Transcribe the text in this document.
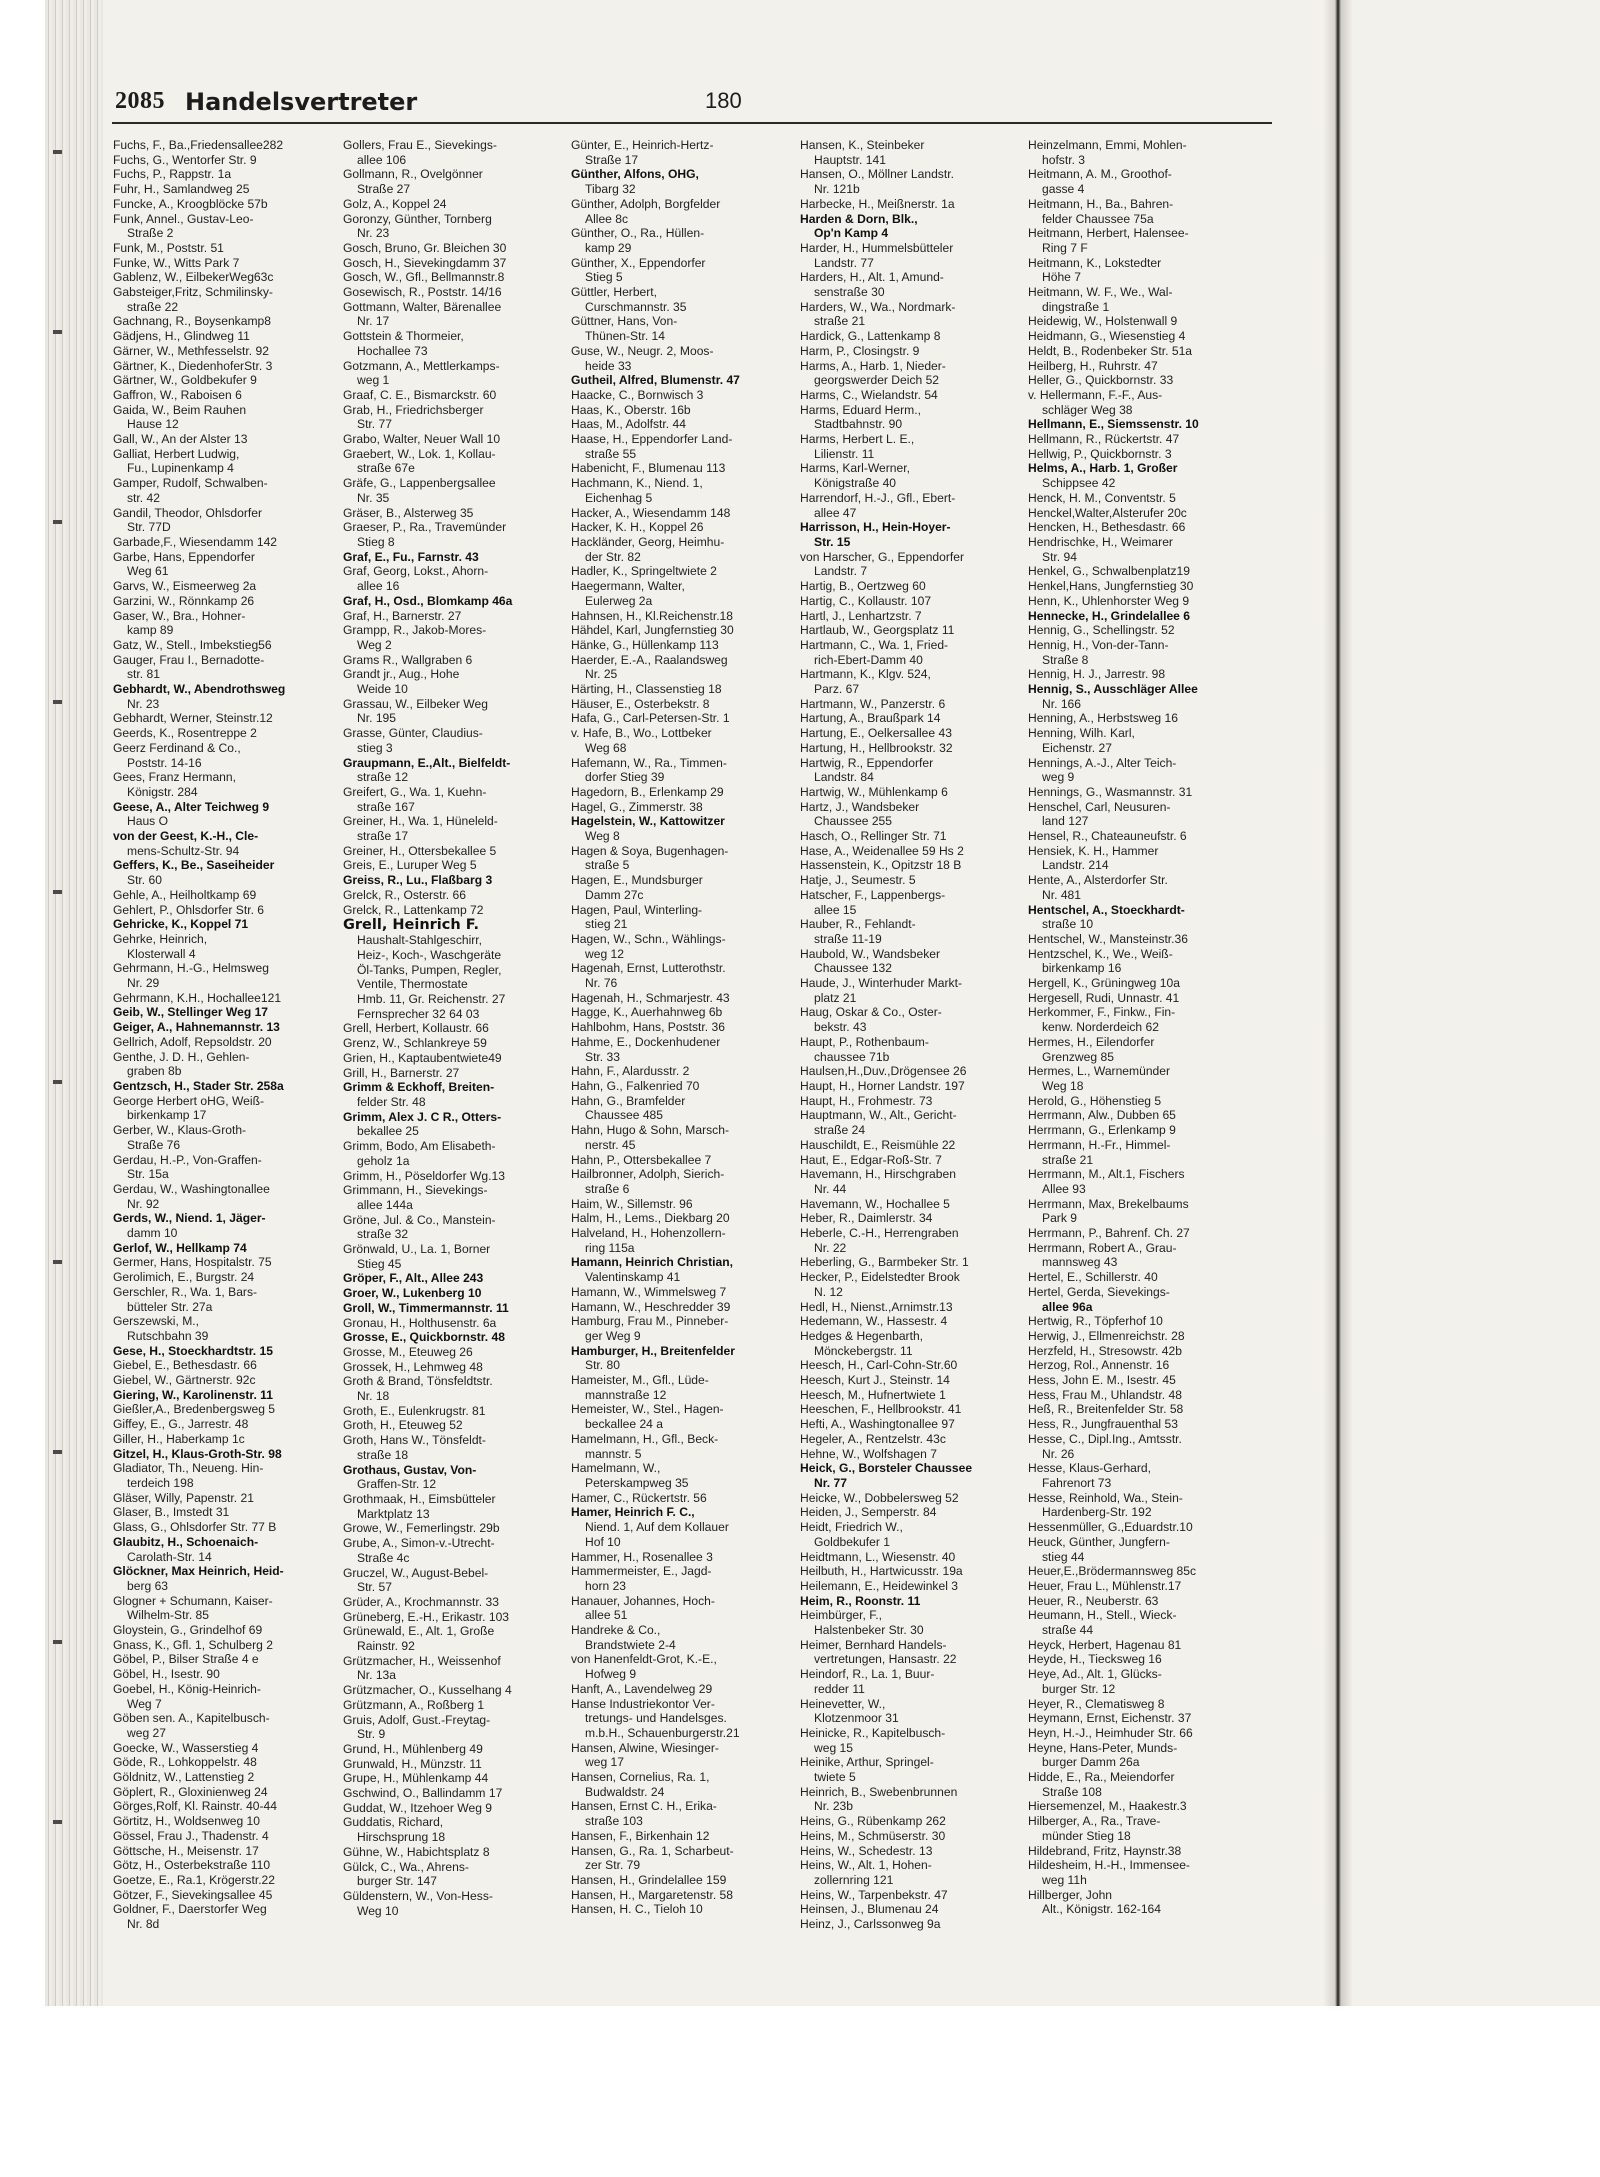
2085 Handelsvertreter	180
Fuchs, F., Ba.,Friedensallee282
Fuchs, G., Wentorfer Str. 9
Fuchs, P., Rappstr. 1a
Fuhr, H., Samlandweg 25
Funcke, A., Kroogblöcke 57b
Funk, Annel., Gustav-Leo-
Straße 2
Funk, M., Poststr. 51
Funke, W., Witts Park 7
Gablenz, W., EilbekerWeg63c
Gabsteiger,Fritz, Schmilinsky-
straße 22
Gachnang, R., Boysenkamp8
Gädjens, H., Glindweg 11
Gärner, W., Methfesselstr. 92
Gärtner, K., DiedenhoferStr. 3
Gärtner, W., Goldbekufer 9
Gaffron, W., Raboisen 6
Gaida, W., Beim Rauhen
Hause 12
Gall, W., An der Alster 13
Galliat, Herbert Ludwig,
Fu., Lupinenkamp 4
Gamper, Rudolf, Schwalben-
str. 42
Gandil, Theodor, Ohlsdorfer
Str. 77D
Garbade,F., Wiesendamm 142
Garbe, Hans, Eppendorfer
Weg 61
Garvs, W., Eismeerweg 2a
Garzini, W., Rönnkamp 26
Gaser, W., Bra., Hohner-
kamp 89
Gatz, W., Stell., Imbekstieg56
Gauger, Frau I., Bernadotte-
str. 81
Gebhardt, W., Abendrothsweg
Nr. 23
Gebhardt, Werner, Steinstr.12
Geerds, K., Rosentreppe 2
Geerz Ferdinand & Co.,
Poststr. 14-16
Gees, Franz Hermann,
Königstr. 284
Geese, A., Alter Teichweg 9
Haus O
von der Geest, K.-H., Cle-
mens-Schultz-Str. 94
Geffers, K., Be., Saseiheider
Str. 60
Gehle, A., Heilholtkamp 69
Gehlert, P., Ohlsdorfer Str. 6
Gehricke, K., Koppel 71
Gehrke, Heinrich,
Klosterwall 4
Gehrmann, H.-G., Helmsweg
Nr. 29
Gehrmann, K.H., Hochallee121
Geib, W., Stellinger Weg 17
Geiger, A., Hahnemannstr. 13
Gellrich, Adolf, Repsoldstr. 20
Genthe, J. D. H., Gehlen-
graben 8b
Gentzsch, H., Stader Str. 258a
George Herbert oHG, Weiß-
birkenkamp 17
Gerber, W., Klaus-Groth-
Straße 76
Gerdau, H.-P., Von-Graffen-
Str. 15a
Gerdau, W., Washingtonallee
Nr. 92
Gerds, W., Niend. 1, Jäger-
damm 10
Gerlof, W., Hellkamp 74
Germer, Hans, Hospitalstr. 75
Gerolimich, E., Burgstr. 24
Gerschler, R., Wa. 1, Bars-
bütteler Str. 27a
Gerszewski, M.,
Rutschbahn 39
Gese, H., Stoeckhardtstr. 15
Giebel, E., Bethesdastr. 66
Giebel, W., Gärtnerstr. 92c
Giering, W., Karolinenstr. 11
Gießler,A., Bredenbergsweg 5
Giffey, E., G., Jarrestr. 48
Giller, H., Haberkamp 1c
Gitzel, H., Klaus-Groth-Str. 98
Gladiator, Th., Neueng. Hin-
terdeich 198
Gläser, Willy, Papenstr. 21
Glaser, B., Imstedt 31
Glass, G., Ohlsdorfer Str. 77 B
Glaubitz, H., Schoenaich-
Carolath-Str. 14
Glöckner, Max Heinrich, Heid-
berg 63
Glogner + Schumann, Kaiser-
Wilhelm-Str. 85
Gloystein, G., Grindelhof 69
Gnass, K., Gfl. 1, Schulberg 2
Göbel, P., Bilser Straße 4 e
Göbel, H., Isestr. 90
Goebel, H., König-Heinrich-
Weg 7
Göben sen. A., Kapitelbusch-
weg 27
Goecke, W., Wasserstieg 4
Göde, R., Lohkoppelstr. 48
Göldnitz, W., Lattenstieg 2
Göplert, R., Gloxinienweg 24
Görges,Rolf, Kl. Rainstr. 40-44
Görtitz, H., Woldsenweg 10
Gössel, Frau J., Thadenstr. 4
Göttsche, H., Meisenstr. 17
Götz, H., Osterbekstraße 110
Goetze, E., Ra.1, Krögerstr.22
Götzer, F., Sievekingsallee 45
Goldner, F., Daerstorfer Weg
Nr. 8d
Gollers, Frau E., Sievekings-
allee 106
Gollmann, R., Ovelgönner
Straße 27
Golz, A., Koppel 24
Goronzy, Günther, Tornberg
Nr. 23
Gosch, Bruno, Gr. Bleichen 30
Gosch, H., Sievekingdamm 37
Gosch, W., Gfl., Bellmannstr.8
Gosewisch, R., Poststr. 14/16
Gottmann, Walter, Bärenallee
Nr. 17
Gottstein & Thormeier,
Hochallee 73
Gotzmann, A., Mettlerkamps-
weg 1
Graaf, C. E., Bismarckstr. 60
Grab, H., Friedrichsberger
Str. 77
Grabo, Walter, Neuer Wall 10
Graebert, W., Lok. 1, Kollau-
straße 67e
Gräfe, G., Lappenbergsallee
Nr. 35
Gräser, B., Alsterweg 35
Graeser, P., Ra., Travemünder
Stieg 8
Graf, E., Fu., Farnstr. 43
Graf, Georg, Lokst., Ahorn-
allee 16
Graf, H., Osd., Blomkamp 46a
Graf, H., Barnerstr. 27
Grampp, R., Jakob-Mores-
Weg 2
Grams R., Wallgraben 6
Grandt jr., Aug., Hohe
Weide 10
Grassau, W., Eilbeker Weg
Nr. 195
Grasse, Günter, Claudius-
stieg 3
Graupmann, E.,Alt., Bielfeldt-
straße 12
Greifert, G., Wa. 1, Kuehn-
straße 167
Greiner, H., Wa. 1, Hüneleld-
straße 17
Greiner, H., Ottersbekallee 5
Greis, E., Luruper Weg 5
Greiss, R., Lu., Flaßbarg 3
Grelck, R., Osterstr. 66
Grelck, R., Lattenkamp 72
Grell, Heinrich F.
Haushalt-Stahlgeschirr,
Heiz-, Koch-, Waschgeräte
Öl-Tanks, Pumpen, Regler,
Ventile, Thermostate
Hmb. 11, Gr. Reichenstr. 27
Fernsprecher 32 64 03
Grell, Herbert, Kollaustr. 66
Grenz, W., Schlankreye 59
Grien, H., Kaptaubentwiete49
Grill, H., Barnerstr. 27
Grimm & Eckhoff, Breiten-
felder Str. 48
Grimm, Alex J. C R., Otters-
bekallee 25
Grimm, Bodo, Am Elisabeth-
geholz 1a
Grimm, H., Pöseldorfer Wg.13
Grimmann, H., Sievekings-
allee 144a
Gröne, Jul. & Co., Manstein-
straße 32
Grönwald, U., La. 1, Borner
Stieg 45
Gröper, F., Alt., Allee 243
Groer, W., Lukenberg 10
Groll, W., Timmermannstr. 11
Gronau, H., Holthusenstr. 6a
Grosse, E., Quickbornstr. 48
Grosse, M., Eteuweg 26
Grossek, H., Lehmweg 48
Groth & Brand, Tönsfeldtstr.
Nr. 18
Groth, E., Eulenkrugstr. 81
Groth, H., Eteuweg 52
Groth, Hans W., Tönsfeldt-
straße 18
Grothaus, Gustav, Von-
Graffen-Str. 12
Grothmaak, H., Eimsbütteler
Marktplatz 13
Growe, W., Femerlingstr. 29b
Grube, A., Simon-v.-Utrecht-
Straße 4c
Gruczel, W., August-Bebel-
Str. 57
Grüder, A., Krochmannstr. 33
Grüneberg, E.-H., Erikastr. 103
Grünewald, E., Alt. 1, Große
Rainstr. 92
Grützmacher, H., Weissenhof
Nr. 13a
Grützmacher, O., Kusselhang 4
Grützmann, A., Roßberg 1
Gruis, Adolf, Gust.-Freytag-
Str. 9
Grund, H., Mühlenberg 49
Grunwald, H., Münzstr. 11
Grupe, H., Mühlenkamp 44
Gschwind, O., Ballindamm 17
Guddat, W., Itzehoer Weg 9
Guddatis, Richard,
Hirschsprung 18
Gühne, W., Habichtsplatz 8
Gülck, C., Wa., Ahrens-
burger Str. 147
Güldenstern, W., Von-Hess-
Weg 10
Günter, E., Heinrich-Hertz-
Straße 17
Günther, Alfons, OHG,
Tibarg 32
Günther, Adolph, Borgfelder
Allee 8c
Günther, O., Ra., Hüllen-
kamp 29
Günther, X., Eppendorfer
Stieg 5
Güttler, Herbert,
Curschmannstr. 35
Güttner, Hans, Von-
Thünen-Str. 14
Guse, W., Neugr. 2, Moos-
heide 33
Gutheil, Alfred, Blumenstr. 47
Haacke, C., Bornwisch 3
Haas, K., Oberstr. 16b
Haas, M., Adolfstr. 44
Haase, H., Eppendorfer Land-
straße 55
Habenicht, F., Blumenau 113
Hachmann, K., Niend. 1,
Eichenhag 5
Hacker, A., Wiesendamm 148
Hacker, K. H., Koppel 26
Hackländer, Georg, Heimhu-
der Str. 82
Hadler, K., Springeltwiete 2
Haegermann, Walter,
Eulerweg 2a
Hahnsen, H., Kl.Reichenstr.18
Hähdel, Karl, Jungfernstieg 30
Hänke, G., Hüllenkamp 113
Haerder, E.-A., Raalandsweg
Nr. 25
Härting, H., Classenstieg 18
Häuser, E., Osterbekstr. 8
Hafa, G., Carl-Petersen-Str. 1
v. Hafe, B., Wo., Lottbeker
Weg 68
Hafemann, W., Ra., Timmen-
dorfer Stieg 39
Hagedorn, B., Erlenkamp 29
Hagel, G., Zimmerstr. 38
Hagelstein, W., Kattowitzer
Weg 8
Hagen & Soya, Bugenhagen-
straße 5
Hagen, E., Mundsburger
Damm 27c
Hagen, Paul, Winterling-
stieg 21
Hagen, W., Schn., Wählings-
weg 12
Hagenah, Ernst, Lutterothstr.
Nr. 76
Hagenah, H., Schmarjestr. 43
Hagge, K., Auerhahnweg 6b
Hahlbohm, Hans, Poststr. 36
Hahme, E., Dockenhudener
Str. 33
Hahn, F., Alardusstr. 2
Hahn, G., Falkenried 70
Hahn, G., Bramfelder
Chaussee 485
Hahn, Hugo & Sohn, Marsch-
nerstr. 45
Hahn, P., Ottersbekallee 7
Hailbronner, Adolph, Sierich-
straße 6
Haim, W., Sillemstr. 96
Halm, H., Lems., Diekbarg 20
Halveland, H., Hohenzollern-
ring 115a
Hamann, Heinrich Christian,
Valentinskamp 41
Hamann, W., Wimmelsweg 7
Hamann, W., Heschredder 39
Hamburg, Frau M., Pinneber-
ger Weg 9
Hamburger, H., Breitenfelder
Str. 80
Hameister, M., Gfl., Lüde-
mannstraße 12
Hemeister, W., Stel., Hagen-
beckallee 24 a
Hamelmann, H., Gfl., Beck-
mannstr. 5
Hamelmann, W.,
Peterskampweg 35
Hamer, C., Rückertstr. 56
Hamer, Heinrich F. C.,
Niend. 1, Auf dem Kollauer
Hof 10
Hammer, H., Rosenallee 3
Hammermeister, E., Jagd-
horn 23
Hanauer, Johannes, Hoch-
allee 51
Handreke & Co.,
Brandstwiete 2-4
von Hanenfeldt-Grot, K.-E.,
Hofweg 9
Hanft, A., Lavendelweg 29
Hanse Industriekontor Ver-
tretungs- und Handelsges.
m.b.H., Schauenburgerstr.21
Hansen, Alwine, Wiesinger-
weg 17
Hansen, Cornelius, Ra. 1,
Budwaldstr. 24
Hansen, Ernst C. H., Erika-
straße 103
Hansen, F., Birkenhain 12
Hansen, G., Ra. 1, Scharbeut-
zer Str. 79
Hansen, H., Grindelallee 159
Hansen, H., Margaretenstr. 58
Hansen, H. C., Tieloh 10
Hansen, K., Steinbeker
Hauptstr. 141
Hansen, O., Möllner Landstr.
Nr. 121b
Harbecke, H., Meißnerstr. 1a
Harden & Dorn, Blk.,
Op'n Kamp 4
Harder, H., Hummelsbütteler
Landstr. 77
Harders, H., Alt. 1, Amund-
senstraße 30
Harders, W., Wa., Nordmark-
straße 21
Hardick, G., Lattenkamp 8
Harm, P., Closingstr. 9
Harms, A., Harb. 1, Nieder-
georgswerder Deich 52
Harms, C., Wielandstr. 54
Harms, Eduard Herm.,
Stadtbahnstr. 90
Harms, Herbert L. E.,
Lilienstr. 11
Harms, Karl-Werner,
Königstraße 40
Harrendorf, H.-J., Gfl., Ebert-
allee 47
Harrisson, H., Hein-Hoyer-
Str. 15
von Harscher, G., Eppendorfer
Landstr. 7
Hartig, B., Oertzweg 60
Hartig, C., Kollaustr. 107
Hartl, J., Lenhartzstr. 7
Hartlaub, W., Georgsplatz 11
Hartmann, C., Wa. 1, Fried-
rich-Ebert-Damm 40
Hartmann, K., Klgv. 524,
Parz. 67
Hartmann, W., Panzerstr. 6
Hartung, A., Braußpark 14
Hartung, E., Oelkersallee 43
Hartung, H., Hellbrookstr. 32
Hartwig, R., Eppendorfer
Landstr. 84
Hartwig, W., Mühlenkamp 6
Hartz, J., Wandsbeker
Chaussee 255
Hasch, O., Rellinger Str. 71
Hase, A., Weidenallee 59 Hs 2
Hassenstein, K., Opitzstr 18 B
Hatje, J., Seumestr. 5
Hatscher, F., Lappenbergs-
allee 15
Hauber, R., Fehlandt-
straße 11-19
Haubold, W., Wandsbeker
Chaussee 132
Haude, J., Winterhuder Markt-
platz 21
Haug, Oskar & Co., Oster-
bekstr. 43
Haupt, P., Rothenbaum-
chaussee 71b
Haulsen,H.,Duv.,Drögensee 26
Haupt, H., Horner Landstr. 197
Haupt, H., Frohmestr. 73
Hauptmann, W., Alt., Gericht-
straße 24
Hauschildt, E., Reismühle 22
Haut, E., Edgar-Roß-Str. 7
Havemann, H., Hirschgraben
Nr. 44
Havemann, W., Hochallee 5
Heber, R., Daimlerstr. 34
Heberle, C.-H., Herrengraben
Nr. 22
Heberling, G., Barmbeker Str. 1
Hecker, P., Eidelstedter Brook
N. 12
Hedl, H., Nienst.,Arnimstr.13
Hedemann, W., Hassestr. 4
Hedges & Hegenbarth,
Mönckebergstr. 11
Heesch, H., Carl-Cohn-Str.60
Heesch, Kurt J., Steinstr. 14
Heesch, M., Hufnertwiete 1
Heeschen, F., Hellbrookstr. 41
Hefti, A., Washingtonallee 97
Hegeler, A., Rentzelstr. 43c
Hehne, W., Wolfshagen 7
Heick, G., Borsteler Chaussee
Nr. 77
Heicke, W., Dobbelersweg 52
Heiden, J., Semperstr. 84
Heidt, Friedrich W.,
Goldbekufer 1
Heidtmann, L., Wiesenstr. 40
Heilbuth, H., Hartwicusstr. 19a
Heilemann, E., Heidewinkel 3
Heim, R., Roonstr. 11
Heimbürger, F.,
Halstenbeker Str. 30
Heimer, Bernhard Handels-
vertretungen, Hansastr. 22
Heindorf, R., La. 1, Buur-
redder 11
Heinevetter, W.,
Klotzenmoor 31
Heinicke, R., Kapitelbusch-
weg 15
Heinike, Arthur, Springel-
twiete 5
Heinrich, B., Swebenbrunnen
Nr. 23b
Heins, G., Rübenkamp 262
Heins, M., Schmüserstr. 30
Heins, W., Schedestr. 13
Heins, W., Alt. 1, Hohen-
zollernring 121
Heins, W., Tarpenbekstr. 47
Heinsen, J., Blumenau 24
Heinz, J., Carlssonweg 9a
Heinzelmann, Emmi, Mohlen-
hofstr. 3
Heitmann, A. M., Groothof-
gasse 4
Heitmann, H., Ba., Bahren-
felder Chaussee 75a
Heitmann, Herbert, Halensee-
Ring 7 F
Heitmann, K., Lokstedter
Höhe 7
Heitmann, W. F., We., Wal-
dingstraße 1
Heidewig, W., Holstenwall 9
Heidmann, G., Wiesenstieg 4
Heldt, B., Rodenbeker Str. 51a
Heilberg, H., Ruhrstr. 47
Heller, G., Quickbornstr. 33
v. Hellermann, F.-F., Aus-
schläger Weg 38
Hellmann, E., Siemssenstr. 10
Hellmann, R., Rückertstr. 47
Hellwig, P., Quickbornstr. 3
Helms, A., Harb. 1, Großer
Schippsee 42
Henck, H. M., Conventstr. 5
Henckel,Walter,Alsterufer 20c
Hencken, H., Bethesdastr. 66
Hendrischke, H., Weimarer
Str. 94
Henkel, G., Schwalbenplatz19
Henkel,Hans, Jungfernstieg 30
Henn, K., Uhlenhorster Weg 9
Hennecke, H., Grindelallee 6
Hennig, G., Schellingstr. 52
Hennig, H., Von-der-Tann-
Straße 8
Hennig, H. J., Jarrestr. 98
Hennig, S., Ausschläger Allee
Nr. 166
Henning, A., Herbstsweg 16
Henning, Wilh. Karl,
Eichenstr. 27
Hennings, A.-J., Alter Teich-
weg 9
Hennings, G., Wasmannstr. 31
Henschel, Carl, Neusuren-
land 127
Hensel, R., Chateauneufstr. 6
Hensiek, K. H., Hammer
Landstr. 214
Hente, A., Alsterdorfer Str.
Nr. 481
Hentschel, A., Stoeckhardt-
straße 10
Hentschel, W., Mansteinstr.36
Hentzschel, K., We., Weiß-
birkenkamp 16
Hergell, K., Grüningweg 10a
Hergesell, Rudi, Unnastr. 41
Herkommer, F., Finkw., Fin-
kenw. Norderdeich 62
Hermes, H., Eilendorfer
Grenzweg 85
Hermes, L., Warnemünder
Weg 18
Herold, G., Höhenstieg 5
Herrmann, Alw., Dubben 65
Herrmann, G., Erlenkamp 9
Herrmann, H.-Fr., Himmel-
straße 21
Herrmann, M., Alt.1, Fischers
Allee 93
Herrmann, Max, Brekelbaums
Park 9
Herrmann, P., Bahrenf. Ch. 27
Herrmann, Robert A., Grau-
mannsweg 43
Hertel, E., Schillerstr. 40
Hertel, Gerda, Sievekings-
allee 96a
Hertwig, R., Töpferhof 10
Herwig, J., Ellmenreichstr. 28
Herzfeld, H., Stresowstr. 42b
Herzog, Rol., Annenstr. 16
Hess, John E. M., Isestr. 45
Hess, Frau M., Uhlandstr. 48
Heß, R., Breitenfelder Str. 58
Hess, R., Jungfrauenthal 53
Hesse, C., Dipl.Ing., Amtsstr.
Nr. 26
Hesse, Klaus-Gerhard,
Fahrenort 73
Hesse, Reinhold, Wa., Stein-
Hardenberg-Str. 192
Hessenmüller, G.,Eduardstr.10
Heuck, Günther, Jungfern-
stieg 44
Heuer,E.,Brödermannsweg 85c
Heuer, Frau L., Mühlenstr.17
Heuer, R., Neuberstr. 63
Heumann, H., Stell., Wieck-
straße 44
Heyck, Herbert, Hagenau 81
Heyde, H., Tiecksweg 16
Heye, Ad., Alt. 1, Glücks-
burger Str. 12
Heyer, R., Clematisweg 8
Heymann, Ernst, Eichenstr. 37
Heyn, H.-J., Heimhuder Str. 66
Heyne, Hans-Peter, Munds-
burger Damm 26a
Hidde, E., Ra., Meiendorfer
Straße 108
Hiersemenzel, M., Haakestr.3
Hilberger, A., Ra., Trave-
münder Stieg 18
Hildebrand, Fritz, Haynstr.38
Hildesheim, H.-H., Immensee-
weg 11h
Hillberger, John
Alt., Königstr. 162-164
